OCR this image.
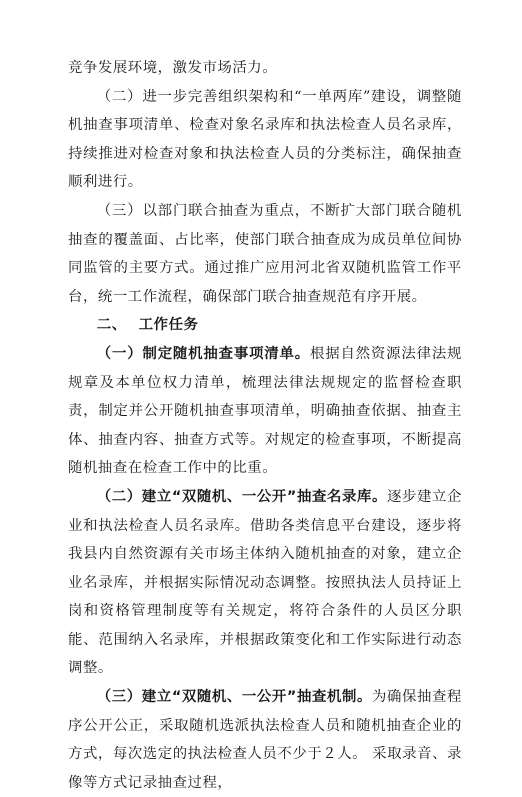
竞争发展环境，激发市场活力。

（二）进一步完善组织架构和“一单两库”建设，调整随机抽查事项清单、检查对象名录库和执法检查人员名录库，持续推进对检查对象和执法检查人员的分类标注，确保抽查顺利进行。

（三）以部门联合抽查为重点，不断扩大部门联合随机抽查的覆盖面、占比率，使部门联合抽查成为成员单位间协同监管的主要方式。通过推广应用河北省双随机监管工作平台，统一工作流程，确保部门联合抽查规范有序开展。

二、 工作任务

（一）制定随机抽查事项清单。根据自然资源法律法规规章及本单位权力清单，梳理法律法规规定的监督检查职责，制定并公开随机抽查事项清单，明确抽查依据、抽查主体、抽查内容、抽查方式等。对规定的检查事项，不断提高随机抽查在检查工作中的比重。

（二）建立“双随机、一公开”抽查名录库。逐步建立企业和执法检查人员名录库。借助各类信息平台建设，逐步将我县内自然资源有关市场主体纳入随机抽查的对象，建立企业名录库，并根据实际情况动态调整。按照执法人员持证上岗和资格管理制度等有关规定，将符合条件的人员区分职能、范围纳入名录库，并根据政策变化和工作实际进行动态调整。

（三）建立“双随机、一公开”抽查机制。为确保抽查程序公开公正，采取随机选派执法检查人员和随机抽查企业的方式，每次选定的执法检查人员不少于２人。 采取录音、录像等方式记录抽查过程，
